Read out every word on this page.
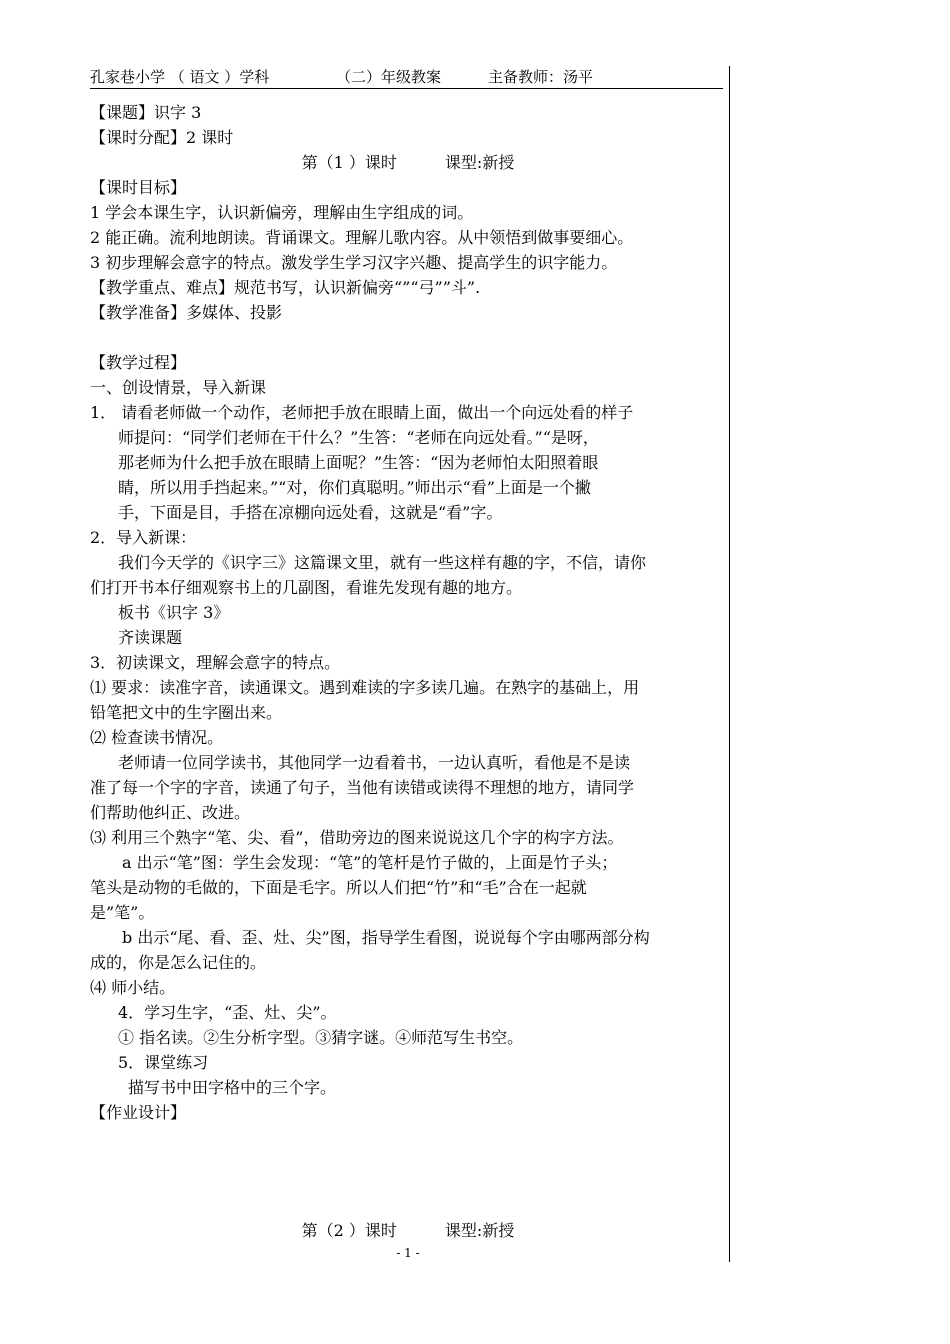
孔家巷小学 （ 语文 ）学科	（二）年级教案	主备教师：汤平
【课题】识字 3
【课时分配】2 课时
第（1 ）课时　　　课型:新授
【课时目标】
1 学会本课生字，认识新偏旁，理解由生字组成的词。
2 能正确。流利地朗读。背诵课文。理解儿歌内容。从中领悟到做事要细心。
3 初步理解会意字的特点。激发学生学习汉字兴趣、提高学生的识字能力。
【教学重点、难点】规范书写，认识新偏旁“”“弓””斗”.
【教学准备】多媒体、投影
【教学过程】
一、创设情景，导入新课
1． 请看老师做一个动作，老师把手放在眼睛上面，做出一个向远处看的样子
师提问：“同学们老师在干什么？”生答：“老师在向远处看。”“是呀，
那老师为什么把手放在眼睛上面呢？”生答：“因为老师怕太阳照着眼
睛，所以用手挡起来。”“对，你们真聪明。”师出示“看”上面是一个撇
手，下面是目，手搭在凉棚向远处看，这就是“看”字。
2．导入新课：
我们今天学的《识字三》这篇课文里，就有一些这样有趣的字，不信，请你
们打开书本仔细观察书上的几副图，看谁先发现有趣的地方。
板书《识字 3》
齐读课题
3．初读课文，理解会意字的特点。
⑴ 要求：读准字音，读通课文。遇到难读的字多读几遍。在熟字的基础上，用
铅笔把文中的生字圈出来。
⑵ 检查读书情况。
老师请一位同学读书，其他同学一边看着书，一边认真听，看他是不是读
准了每一个字的字音，读通了句子，当他有读错或读得不理想的地方，请同学
们帮助他纠正、改进。
⑶ 利用三个熟字“笔、尖、看”，借助旁边的图来说说这几个字的构字方法。
a 出示“笔”图：学生会发现：“笔”的笔杆是竹子做的，上面是竹子头；
笔头是动物的毛做的，下面是毛字。所以人们把“竹”和“毛”合在一起就
是”笔”。
b 出示“尾、看、歪、灶、尖”图，指导学生看图，说说每个字由哪两部分构
成的，你是怎么记住的。
⑷ 师小结。
4．学习生字，“歪、灶、尖”。
① 指名读。②生分析字型。③猜字谜。④师范写生书空。
5．课堂练习
描写书中田字格中的三个字。
【作业设计】
第（2 ）课时　　　课型:新授
- 1 -
